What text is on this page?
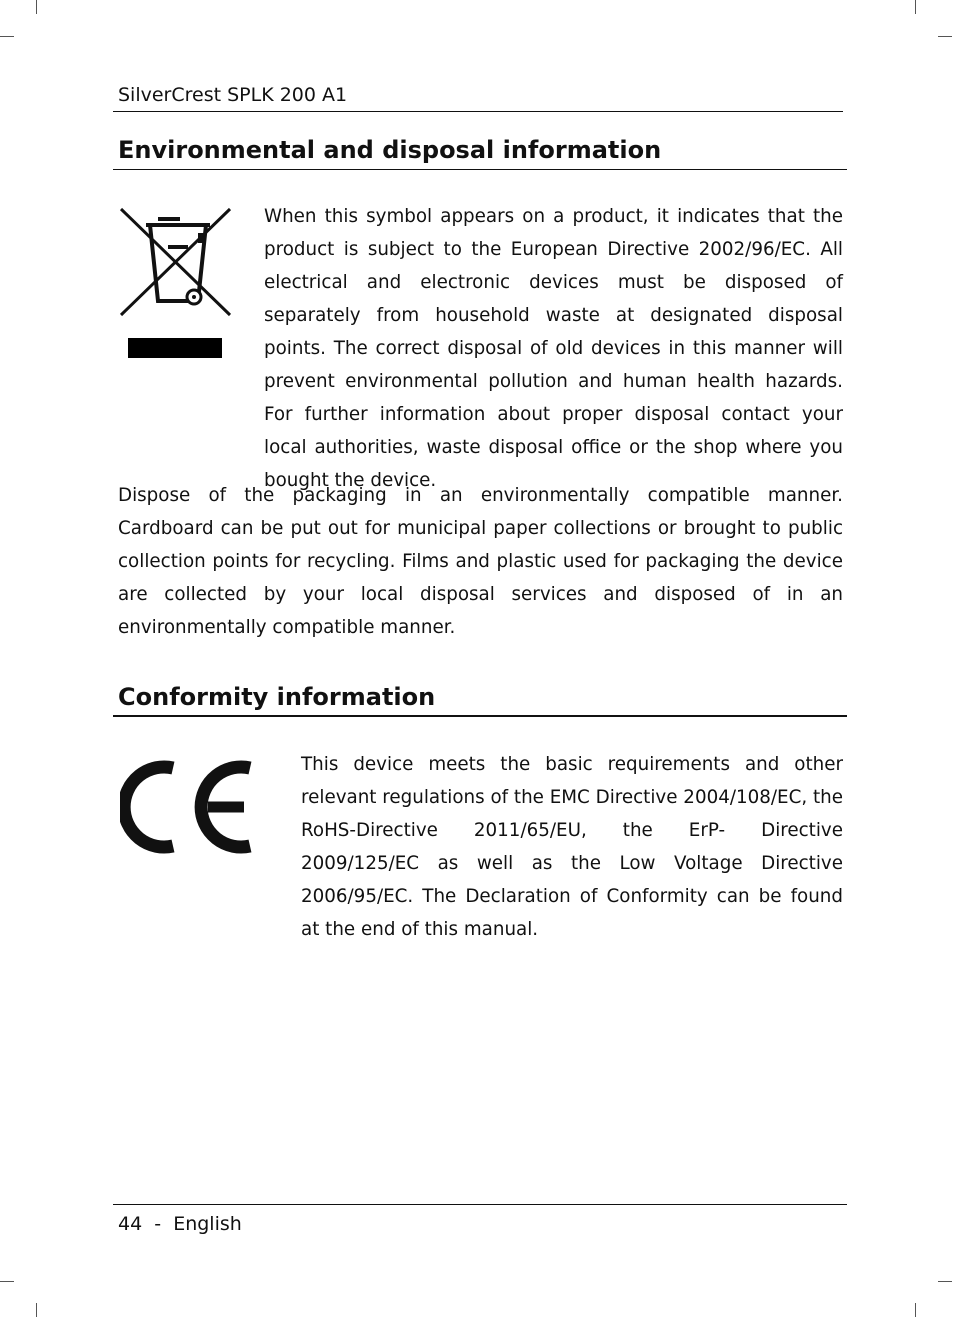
SilverCrest SPLK 200 A1
Environmental and disposal information

When this symbol appears on a product, it indicates that the product is subject to the European Directive 2002/96/EC. All electrical and electronic devices must be disposed of separately from household waste at designated disposal points. The correct disposal of old devices in this manner will prevent environmental pollution and human health hazards. For further information about proper disposal contact your local authorities, waste disposal office or the shop where you bought the device.

Dispose of the packaging in an environmentally compatible manner. Cardboard can be put out for municipal paper collections or brought to public collection points for recycling. Films and plastic used for packaging the device are collected by your local disposal services and disposed of in an environmentally compatible manner.

Conformity information

This device meets the basic requirements and other relevant regulations of the EMC Directive 2004/108/EC, the RoHS-Directive 2011/65/EU, the ErP- Directive 2009/125/EC as well as the Low Voltage Directive 2006/95/EC. The Declaration of Conformity can be found at the end of this manual.

44  -  English
